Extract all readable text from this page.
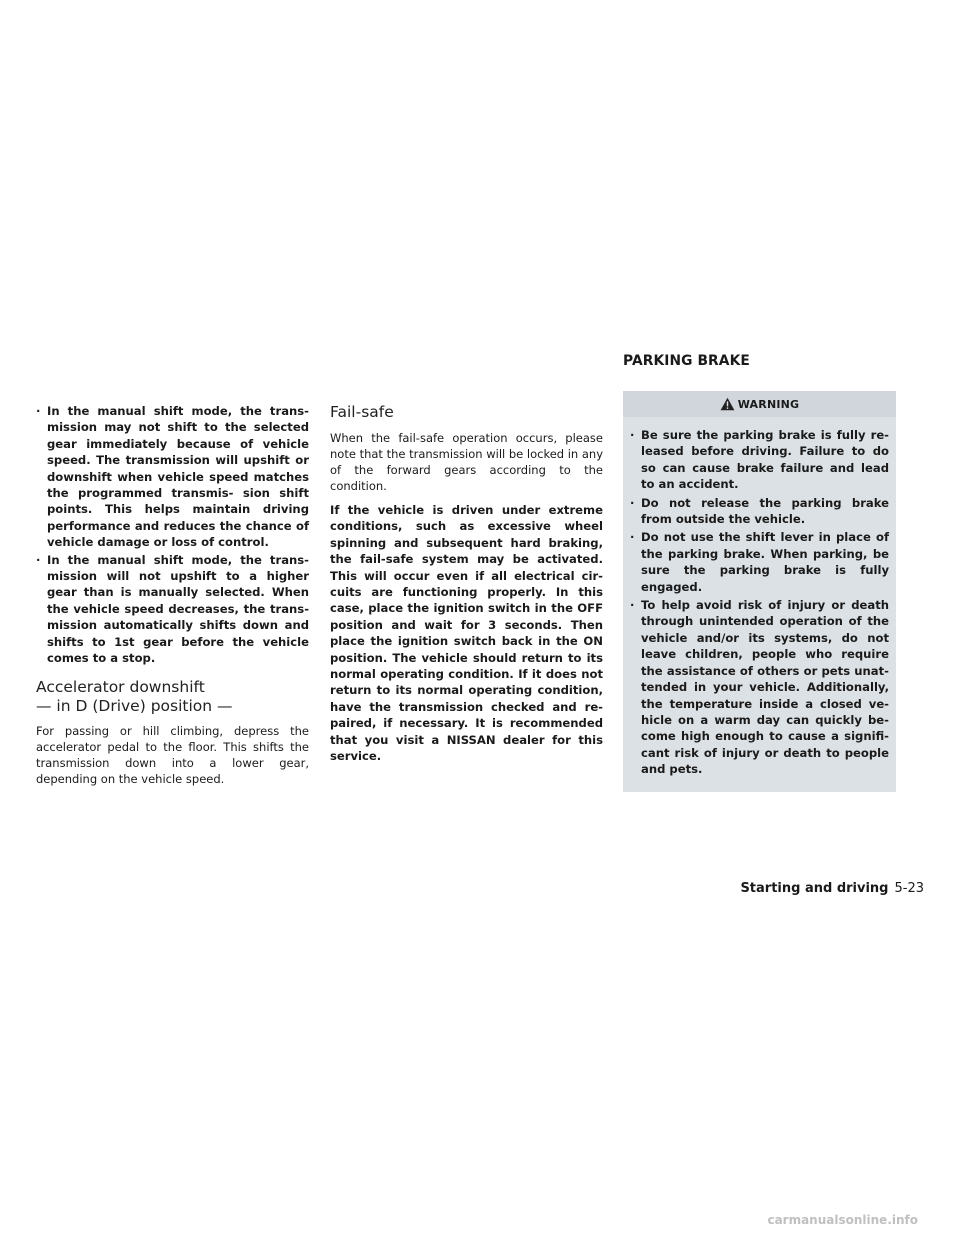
· In the manual shift mode, the trans- mission may not shift to the selected gear immediately because of vehicle speed. The transmission will upshift or downshift when vehicle speed matches the programmed transmis- sion shift points. This helps maintain driving performance and reduces the chance of vehicle damage or loss of control.
· In the manual shift mode, the trans- mission will not upshift to a higher gear than is manually selected. When the vehicle speed decreases, the trans- mission automatically shifts down and shifts to 1st gear before the vehicle comes to a stop.
Accelerator downshift
— in D (Drive) position —

For passing or hill climbing, depress the accelerator pedal to the floor. This shifts the transmission down into a lower gear, depending on the vehicle speed.

Fail-safe

When the fail-safe operation occurs, please note that the transmission will be locked in any of the forward gears according to the condition.

If the vehicle is driven under extreme conditions, such as excessive wheel spinning and subsequent hard braking, the fail-safe system may be activated. This will occur even if all electrical cir- cuits are functioning properly. In this case, place the ignition switch in the OFF position and wait for 3 seconds. Then place the ignition switch back in the ON position. The vehicle should return to its normal operating condition. If it does not return to its normal operating condition, have the transmission checked and re- paired, if necessary. It is recommended that you visit a NISSAN dealer for this service.

PARKING BRAKE
WARNING
· Be sure the parking brake is fully re- leased before driving. Failure to do so can cause brake failure and lead to an accident.
· Do not release the parking brake from outside the vehicle.
· Do not use the shift lever in place of the parking brake. When parking, be sure the parking brake is fully engaged.
· To help avoid risk of injury or death through unintended operation of the vehicle and/or its systems, do not leave children, people who require the assistance of others or pets unat- tended in your vehicle. Additionally, the temperature inside a closed ve- hicle on a warm day can quickly be- come high enough to cause a signifi- cant risk of injury or death to people and pets.
Starting and driving 5-23
carmanualsonline.info
